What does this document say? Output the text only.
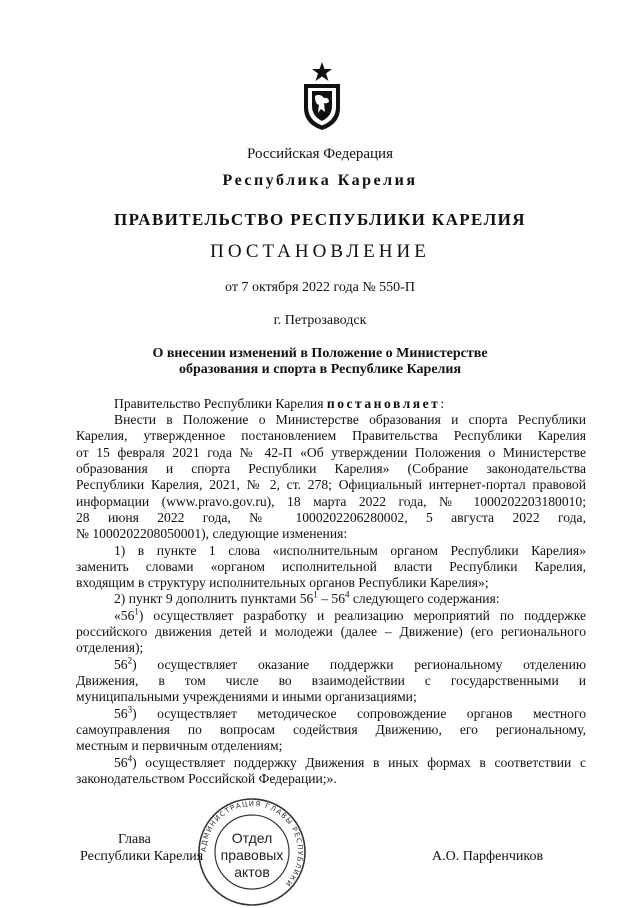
Российская Федерация
Республика Карелия
ПРАВИТЕЛЬСТВО РЕСПУБЛИКИ КАРЕЛИЯ
ПОСТАНОВЛЕНИЕ
от 7 октября 2022 года № 550-П
г. Петрозаводск
О внесении изменений в Положение о Министерстве
образования и спорта в Республике Карелия
Правительство Республики Карелия постановляет:
Внести в Положение о Министерстве образования и спорта Республики
Карелия, утвержденное постановлением Правительства Республики Карелия
от 15 февраля 2021 года № 42-П «Об утверждении Положения о Министерстве
образования и спорта Республики Карелия» (Собрание законодательства
Республики Карелия, 2021, № 2, ст. 278; Официальный интернет-портал правовой
информации (www.pravo.gov.ru), 18 марта 2022 года, № 1000202203180010;
28 июня 2022 года, № 1000202206280002, 5 августа 2022 года,
№ 1000202208050001), следующие изменения:
1) в пункте 1 слова «исполнительным органом Республики Карелия»
заменить словами «органом исполнительной власти Республики Карелия,
входящим в структуру исполнительных органов Республики Карелия»;
2) пункт 9 дополнить пунктами $56^1 - 56^4$ следующего содержания:
«$56^1$) осуществляет разработку и реализацию мероприятий по поддержке
российского движения детей и молодежи (далее – Движение) (его регионального
отделения);
$56^2$) осуществляет оказание поддержки региональному отделению
Движения, в том числе во взаимодействии с государственными и
муниципальными учреждениями и иными организациями;
$56^3$) осуществляет методическое сопровождение органов местного
самоуправления по вопросам содействия Движению, его региональному,
местным и первичным отделениям;
$56^4$) осуществляет поддержку Движения в иных формах в соответствии с
законодательством Российской Федерации;».
АДМИНИСТРАЦИЯ ГЛАВЫ РЕСПУБЛИКИ
Отдел
правовых
актов
Глава
Республики Карелия	А.О. Парфенчиков
